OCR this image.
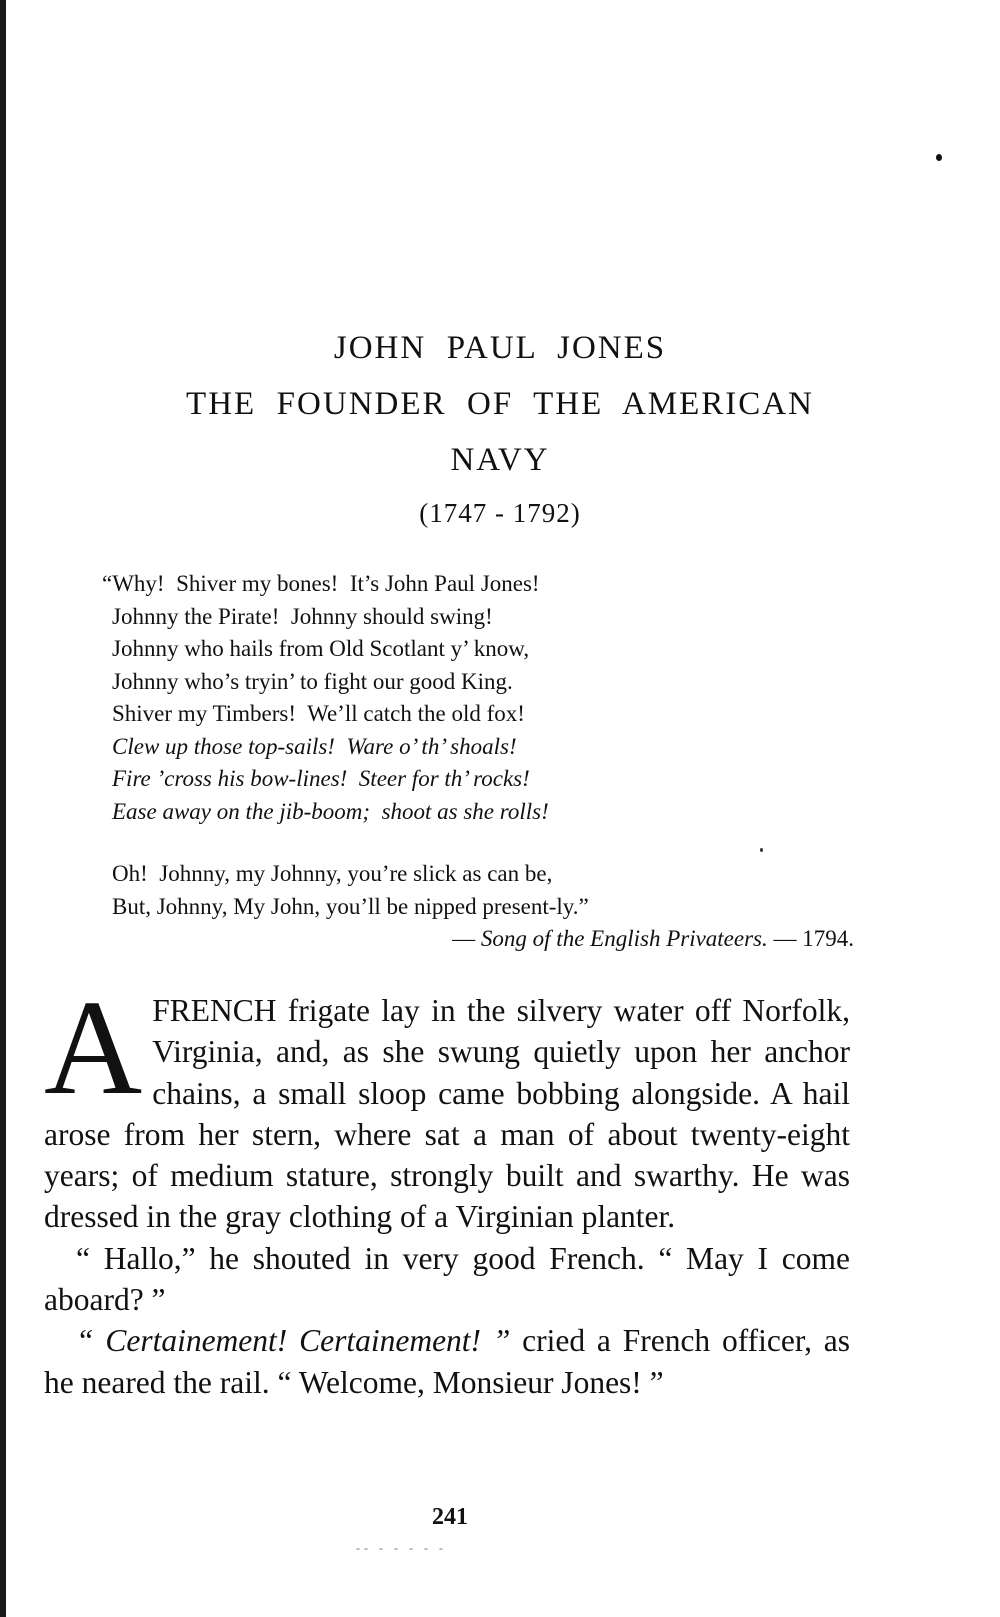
JOHN  PAUL  JONES
THE  FOUNDER  OF  THE  AMERICAN
NAVY
(1747 - 1792)
“Why!  Shiver my bones!  It’s John Paul Jones!
Johnny the Pirate!  Johnny should swing!
Johnny who hails from Old Scotlant y’ know,
Johnny who’s tryin’ to fight our good King.
Shiver my Timbers!  We’ll catch the old fox!
Clew up those top-sails!  Ware o’ th’ shoals!
Fire ’cross his bow-lines!  Steer for th’ rocks!
Ease away on the jib-boom;  shoot as she rolls!
Oh!  Johnny, my Johnny, you’re slick as can be,
But, Johnny, My John, you’ll be nipped present-ly.”
— Song of the English Privateers. — 1794.
A FRENCH frigate lay in the silvery water off Norfolk, Virginia, and, as she swung quietly upon her anchor chains, a small sloop came bobbing alongside. A hail arose from her stern, where sat a man of about twenty-eight years; of medium stature, strongly built and swarthy. He was dressed in the gray clothing of a Virginian planter.

“ Hallo,” he shouted in very good French. “ May I come aboard? ”

“ Certainement! Certainement! ” cried a French officer, as he neared the rail. “ Welcome, Monsieur Jones! ”

241
-- - - - - -
